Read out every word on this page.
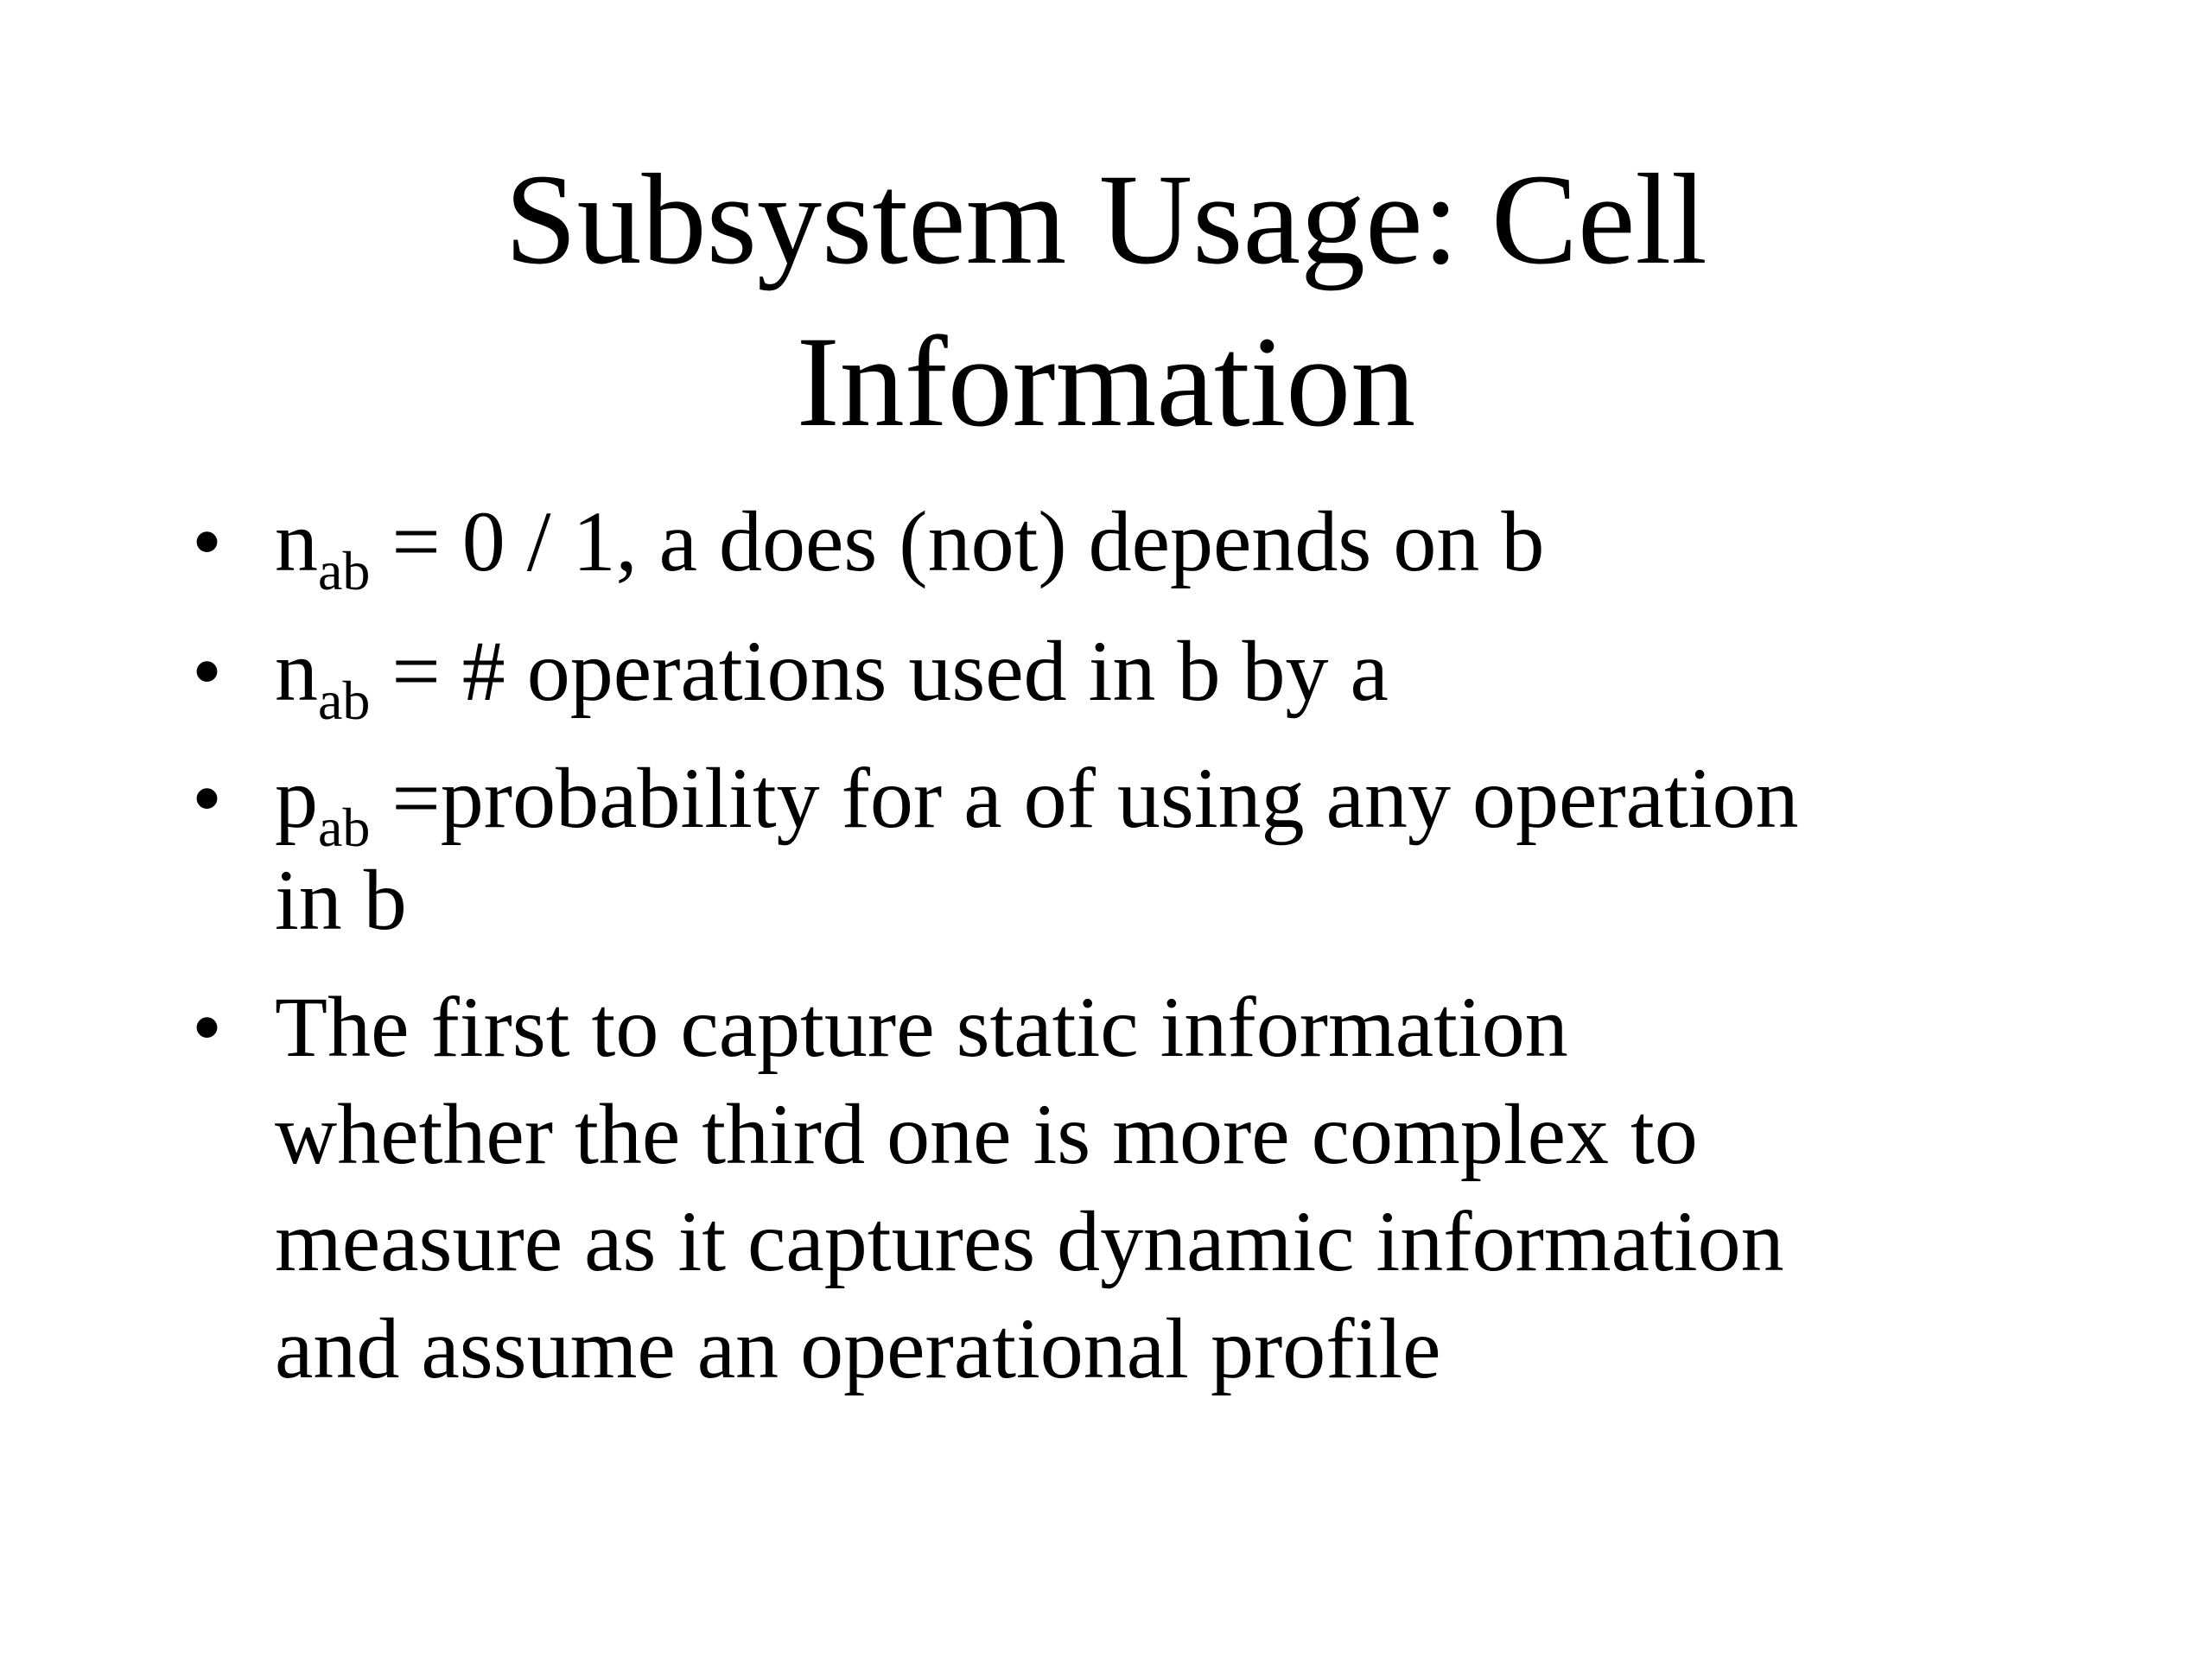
Subsystem Usage: Cell
Information
• $n_{ab} = 0 / 1$, a does (not) depends on b
• $n_{ab}$ = # operations used in b by a
• $p_{ab}$ =probability for a of using any operation
in b
• The first to capture static information
whether the third one is more complex to
measure as it captures dynamic information
and assume an operational profile
